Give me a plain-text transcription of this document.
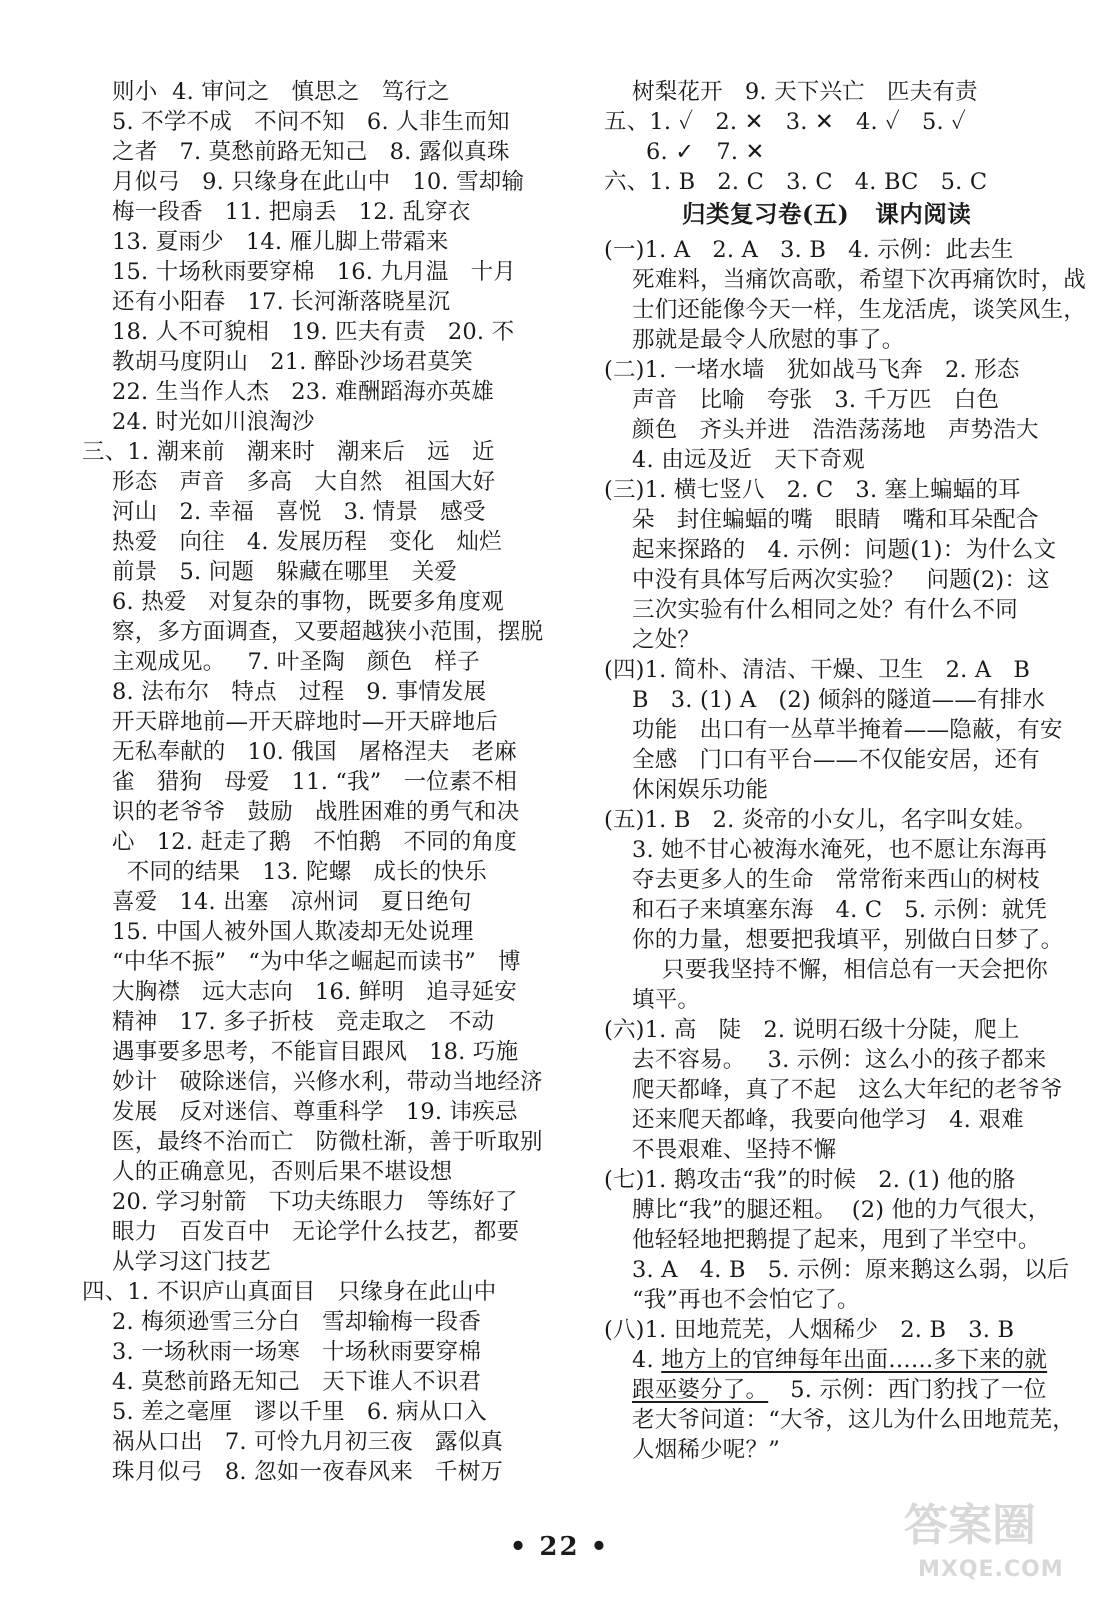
则小  4. 审问之   慎思之   笃行之
5. 不学不成   不问不知   6. 人非生而知
之者   7. 莫愁前路无知己   8. 露似真珠
月似弓   9. 只缘身在此山中   10. 雪却输
梅一段香   11. 把扇丢   12. 乱穿衣
13. 夏雨少   14. 雁儿脚上带霜来
15. 十场秋雨要穿棉   16. 九月温   十月
还有小阳春   17. 长河渐落晓星沉
18. 人不可貌相   19. 匹夫有责   20. 不
教胡马度阴山   21. 醉卧沙场君莫笑
22. 生当作人杰   23. 难酬蹈海亦英雄
24. 时光如川浪淘沙
三、1. 潮来前   潮来时   潮来后   远   近
形态   声音   多高   大自然   祖国大好
河山   2. 幸福   喜悦   3. 情景   感受
热爱   向往   4. 发展历程   变化   灿烂
前景   5. 问题   躲藏在哪里   关爱
6. 热爱   对复杂的事物，既要多角度观
察，多方面调查，又要超越狭小范围，摆脱
主观成见。   7. 叶圣陶   颜色   样子
8. 法布尔   特点   过程   9. 事情发展
开天辟地前—开天辟地时—开天辟地后
无私奉献的   10. 俄国   屠格涅夫   老麻
雀   猎狗   母爱   11. “我”   一位素不相
识的老爷爷   鼓励   战胜困难的勇气和决
心   12. 赶走了鹅   不怕鹅   不同的角度
不同的结果   13. 陀螺   成长的快乐
喜爱   14. 出塞   凉州词   夏日绝句
15. 中国人被外国人欺凌却无处说理
“中华不振”   “为中华之崛起而读书”   博
大胸襟   远大志向   16. 鲜明   追寻延安
精神   17. 多子折枝   竞走取之   不动
遇事要多思考，不能盲目跟风   18. 巧施
妙计   破除迷信，兴修水利，带动当地经济
发展   反对迷信、尊重科学   19. 讳疾忌
医，最终不治而亡   防微杜渐，善于听取别
人的正确意见，否则后果不堪设想
20. 学习射箭   下功夫练眼力   等练好了
眼力   百发百中   无论学什么技艺，都要
从学习这门技艺
四、1. 不识庐山真面目   只缘身在此山中
2. 梅须逊雪三分白   雪却输梅一段香
3. 一场秋雨一场寒   十场秋雨要穿棉
4. 莫愁前路无知己   天下谁人不识君
5. 差之毫厘   谬以千里   6. 病从口入
祸从口出   7. 可怜九月初三夜   露似真
珠月似弓   8. 忽如一夜春风来   千树万
树梨花开   9. 天下兴亡   匹夫有责
五、1. ✓   2. ✕   3. ✕   4. ✓   5. ✓
6. ✓   7. ✕
六、1. B   2. C   3. C   4. BC   5. C
归类复习卷(五)   课内阅读
(一)1. A   2. A   3. B   4. 示例：此去生
死难料，当痛饮高歌，希望下次再痛饮时，战
士们还能像今天一样，生龙活虎，谈笑风生，
那就是最令人欣慰的事了。
(二)1. 一堵水墙   犹如战马飞奔   2. 形态
声音   比喻   夸张   3. 千万匹   白色
颜色   齐头并进   浩浩荡荡地   声势浩大
4. 由远及近   天下奇观
(三)1. 横七竖八   2. C   3. 塞上蝙蝠的耳
朵   封住蝙蝠的嘴   眼睛   嘴和耳朵配合
起来探路的   4. 示例：问题(1)：为什么文
中没有具体写后两次实验？   问题(2)：这
三次实验有什么相同之处？有什么不同
之处？
(四)1. 简朴、清洁、干燥、卫生   2. A   B
B   3. (1) A   (2) 倾斜的隧道——有排水
功能   出口有一丛草半掩着——隐蔽，有安
全感   门口有平台——不仅能安居，还有
休闲娱乐功能
(五)1. B   2. 炎帝的小女儿，名字叫女娃。
3. 她不甘心被海水淹死，也不愿让东海再
夺去更多人的生命   常常衔来西山的树枝
和石子来填塞东海   4. C   5. 示例：就凭
你的力量，想要把我填平，别做白日梦了。
只要我坚持不懈，相信总有一天会把你
填平。
(六)1. 高   陡   2. 说明石级十分陡，爬上
去不容易。   3. 示例：这么小的孩子都来
爬天都峰，真了不起   这么大年纪的老爷爷
还来爬天都峰，我要向他学习   4. 艰难
不畏艰难、坚持不懈
(七)1. 鹅攻击“我”的时候   2. (1) 他的胳
膊比“我”的腿还粗。  (2) 他的力气很大，
他轻轻地把鹅提了起来，甩到了半空中。
3. A   4. B   5. 示例：原来鹅这么弱，以后
“我”再也不会怕它了。
(八)1. 田地荒芜，人烟稀少   2. B   3. B
4. 地方上的官绅每年出面……多下来的就
跟巫婆分了。   5. 示例：西门豹找了一位
老大爷问道：“大爷，这儿为什么田地荒芜，
人烟稀少呢？”
• 22 •	答案圈
MXQE.COM
